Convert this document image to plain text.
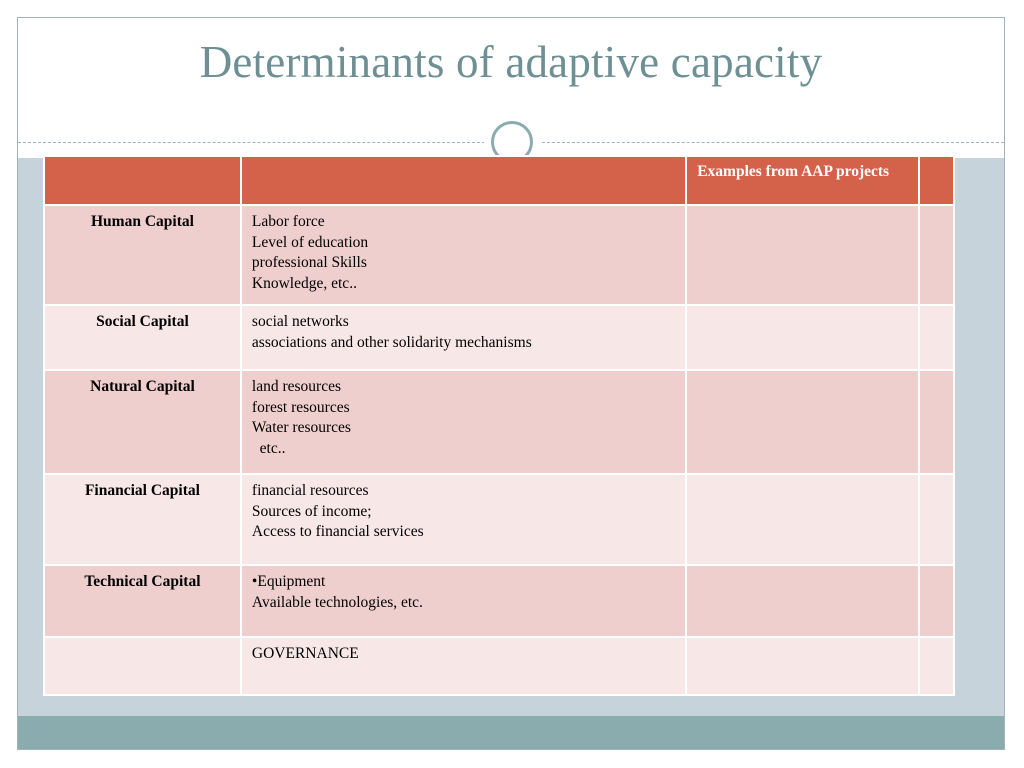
Determinants of adaptive capacity
		Examples from AAP projects	
Human Capital	Labor force
Level of education
professional Skills
Knowledge, etc..		

Social Capital	social networks
associations and other solidarity mechanisms		

Natural Capital	land resources
forest resources
Water resources
etc..		

Financial Capital	financial resources
Sources of income;
Access to financial services		

Technical Capital	•Equipment
Available technologies, etc.		

	GOVERNANCE		
